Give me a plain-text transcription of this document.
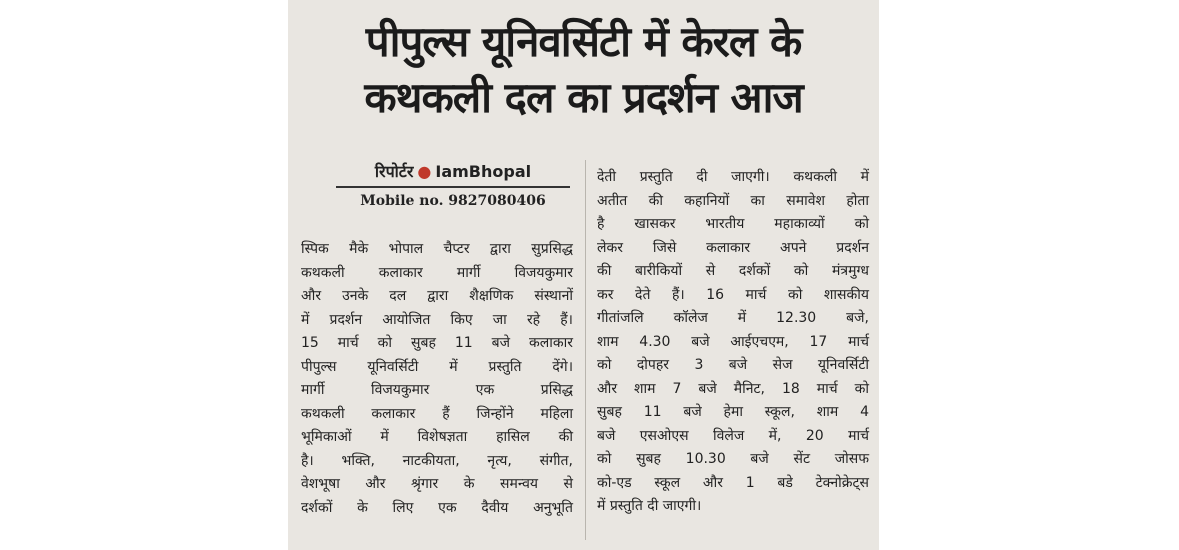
पीपुल्स यूनिवर्सिटी में केरल के
कथकली दल का प्रदर्शन आज
रिपोर्टर ● IamBhopal
Mobile no. 9827080406
स्पिक मैके भोपाल चैप्टर द्वारा सुप्रसिद्ध
कथकली कलाकार मार्गी विजयकुमार
और उनके दल द्वारा शैक्षणिक संस्थानों
में प्रदर्शन आयोजित किए जा रहे हैं।
15 मार्च को सुबह 11 बजे कलाकार
पीपुल्स यूनिवर्सिटी में प्रस्तुति देंगे।
मार्गी विजयकुमार एक प्रसिद्ध
कथकली कलाकार हैं जिन्होंने महिला
भूमिकाओं में विशेषज्ञता हासिल की
है। भक्ति, नाटकीयता, नृत्य, संगीत,
वेशभूषा और श्रृंगार के समन्वय से
दर्शकों के लिए एक दैवीय अनुभूति
देती प्रस्तुति दी जाएगी। कथकली में
अतीत की कहानियों का समावेश होता
है खासकर भारतीय महाकाव्यों को
लेकर जिसे कलाकार अपने प्रदर्शन
की बारीकियों से दर्शकों को मंत्रमुग्ध
कर देते हैं। 16 मार्च को शासकीय
गीतांजलि कॉलेज में 12.30 बजे,
शाम 4.30 बजे आईएचएम, 17 मार्च
को दोपहर 3 बजे सेज यूनिवर्सिटी
और शाम 7 बजे मैनिट, 18 मार्च को
सुबह 11 बजे हेमा स्कूल, शाम 4
बजे एसओएस विलेज में, 20 मार्च
को सुबह 10.30 बजे सेंट जोसफ
को-एड स्कूल और 1 बडे टेक्नोक्रेट्स
में प्रस्तुति दी जाएगी।
